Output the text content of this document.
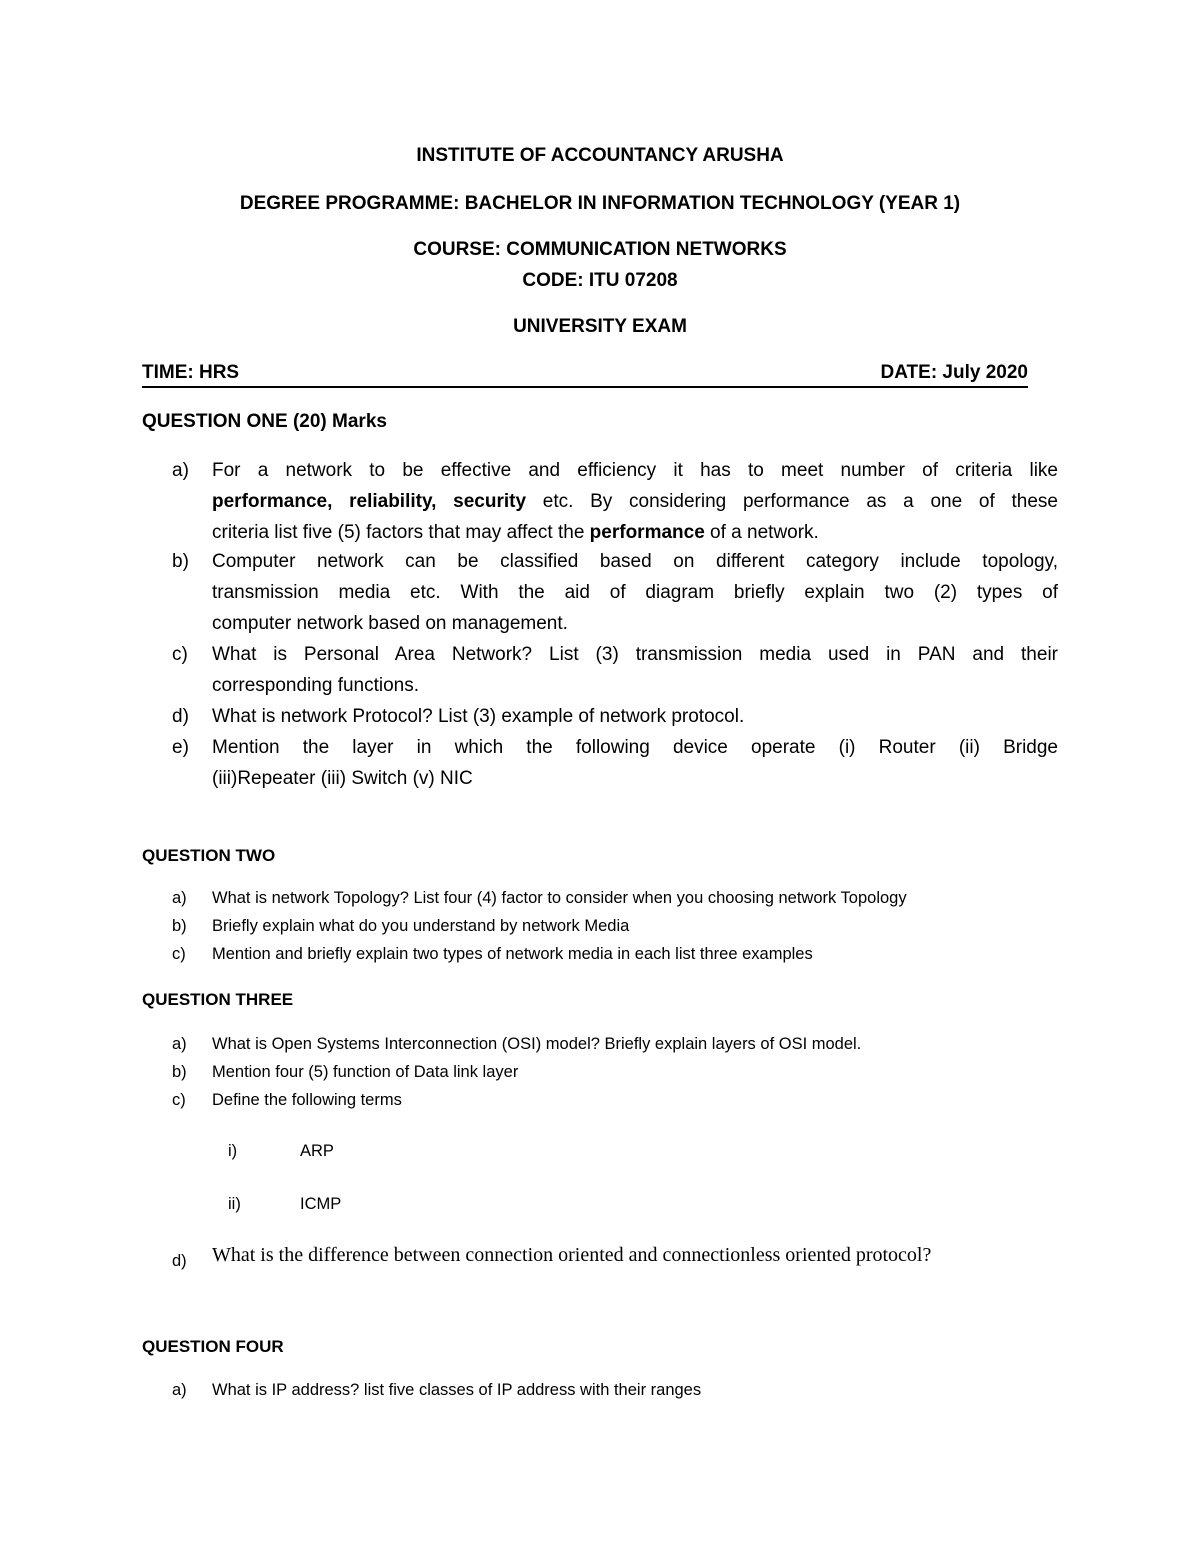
INSTITUTE OF ACCOUNTANCY ARUSHA
DEGREE PROGRAMME: BACHELOR IN INFORMATION TECHNOLOGY (YEAR 1)
COURSE: COMMUNICATION NETWORKS
CODE: ITU 07208
UNIVERSITY EXAM
TIME: HRS	DATE: July 2020
QUESTION ONE (20) Marks
a) For a network to be effective and efficiency it has to meet number of criteria like
performance, reliability, security etc. By considering performance as a one of these
criteria list five (5) factors that may affect the performance of a network.
b) Computer network can be classified based on different category include topology,
transmission media etc. With the aid of diagram briefly explain two (2) types of
computer network based on management.
c) What is Personal Area Network? List (3) transmission media used in PAN and their
corresponding functions.
d) What is network Protocol? List (3) example of network protocol.
e) Mention the layer in which the following device operate (i) Router (ii) Bridge
(iii)Repeater (iii) Switch (v) NIC
QUESTION TWO
a) What is network Topology? List four (4) factor to consider when you choosing network Topology
b) Briefly explain what do you understand by network Media
c) Mention and briefly explain two types of network media in each list three examples
QUESTION THREE
a) What is Open Systems Interconnection (OSI) model? Briefly explain layers of OSI model.
b) Mention four (5) function of Data link layer
c) Define the following terms
i)	ARP
ii)	ICMP
d) What is the difference between connection oriented and connectionless oriented protocol?
QUESTION FOUR
a) What is IP address? list five classes of IP address with their ranges
